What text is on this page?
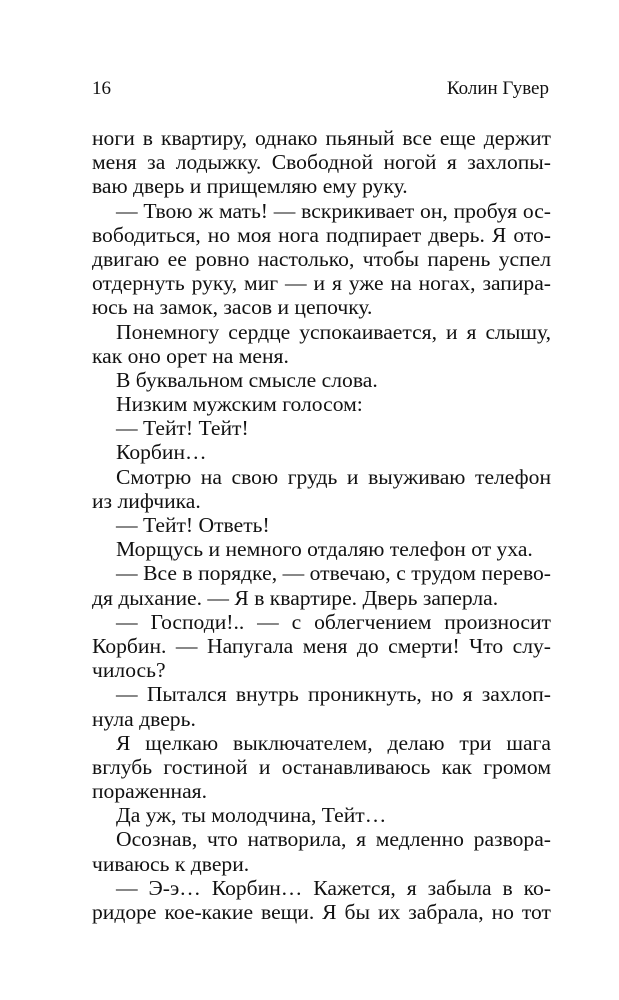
16	Колин Гувер
ноги в квартиру, однако пьяный все еще держит
меня за лодыжку. Свободной ногой я захлопы-
ваю дверь и прищемляю ему руку.
— Твою ж мать! — вскрикивает он, пробуя ос-
вободиться, но моя нога подпирает дверь. Я ото-
двигаю ее ровно настолько, чтобы парень успел
отдернуть руку, миг — и я уже на ногах, запира-
юсь на замок, засов и цепочку.
Понемногу сердце успокаивается, и я слышу,
как оно орет на меня.
В буквальном смысле слова.
Низким мужским голосом:
— Тейт! Тейт!
Корбин…
Смотрю на свою грудь и выуживаю телефон
из лифчика.
— Тейт! Ответь!
Морщусь и немного отдаляю телефон от уха.
— Все в порядке, — отвечаю, с трудом перево-
дя дыхание. — Я в квартире. Дверь заперла.
— Господи!.. — с облегчением произносит
Корбин. — Напугала меня до смерти! Что слу-
чилось?
— Пытался внутрь проникнуть, но я захлоп-
нула дверь.
Я щелкаю выключателем, делаю три шага
вглубь гостиной и останавливаюсь как громом
пораженная.
Да уж, ты молодчина, Тейт…
Осознав, что натворила, я медленно развора-
чиваюсь к двери.
— Э-э… Корбин… Кажется, я забыла в ко-
ридоре кое-какие вещи. Я бы их забрала, но тот
